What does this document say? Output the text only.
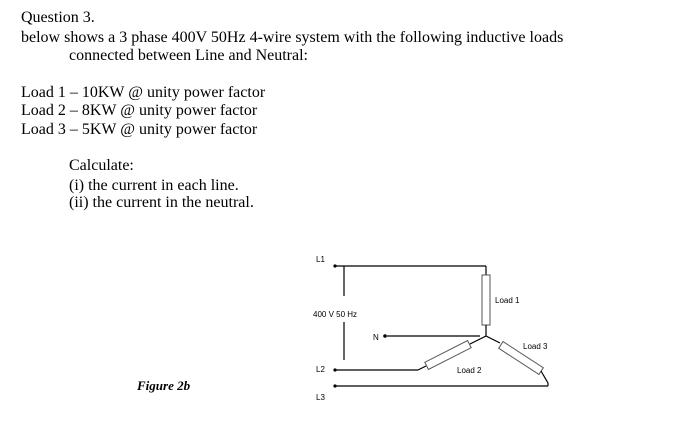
Question 3.
below shows a 3 phase 400V 50Hz 4-wire system with the following inductive loads
connected between Line and Neutral:
Load 1 – 10KW @ unity power factor
Load 2 – 8KW @ unity power factor
Load 3 – 5KW @ unity power factor
Calculate:
(i) the current in each line.
(ii) the current in the neutral.
Figure 2b
L1
400 V 50 Hz
N
L2
L3
Load 1
Load 2
Load 3
